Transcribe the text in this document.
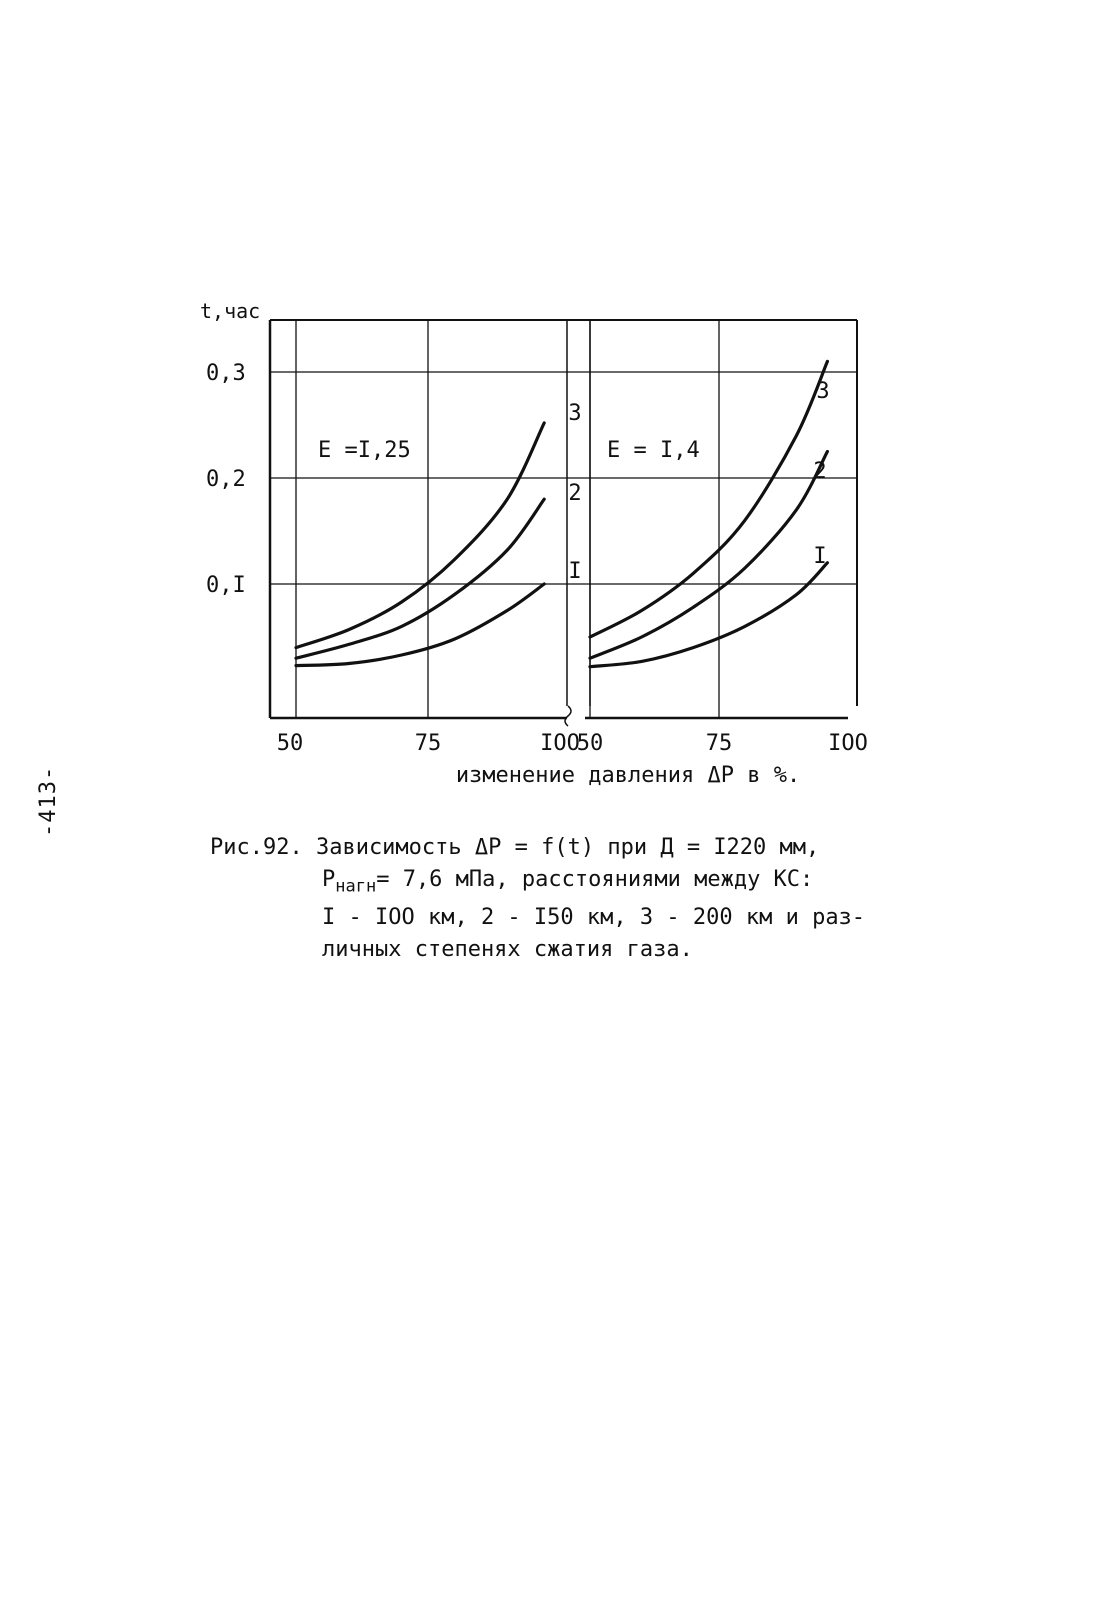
-413-
50	75	IOO
E =I,25
3
2
I
0,3
0,2
0,I
t,час
50	75	IOO
E = I,4
3
2
I
изменение давления ΔP в %.
Рис.92. Зависимость ΔP = f(t) при Д = I220 мм,
$P_{нагн}= 7,6$ мПа, расстояниями между КС:
I - IOO км, 2 - I50 км, 3 - 200 км и раз-
личных степенях сжатия газа.
